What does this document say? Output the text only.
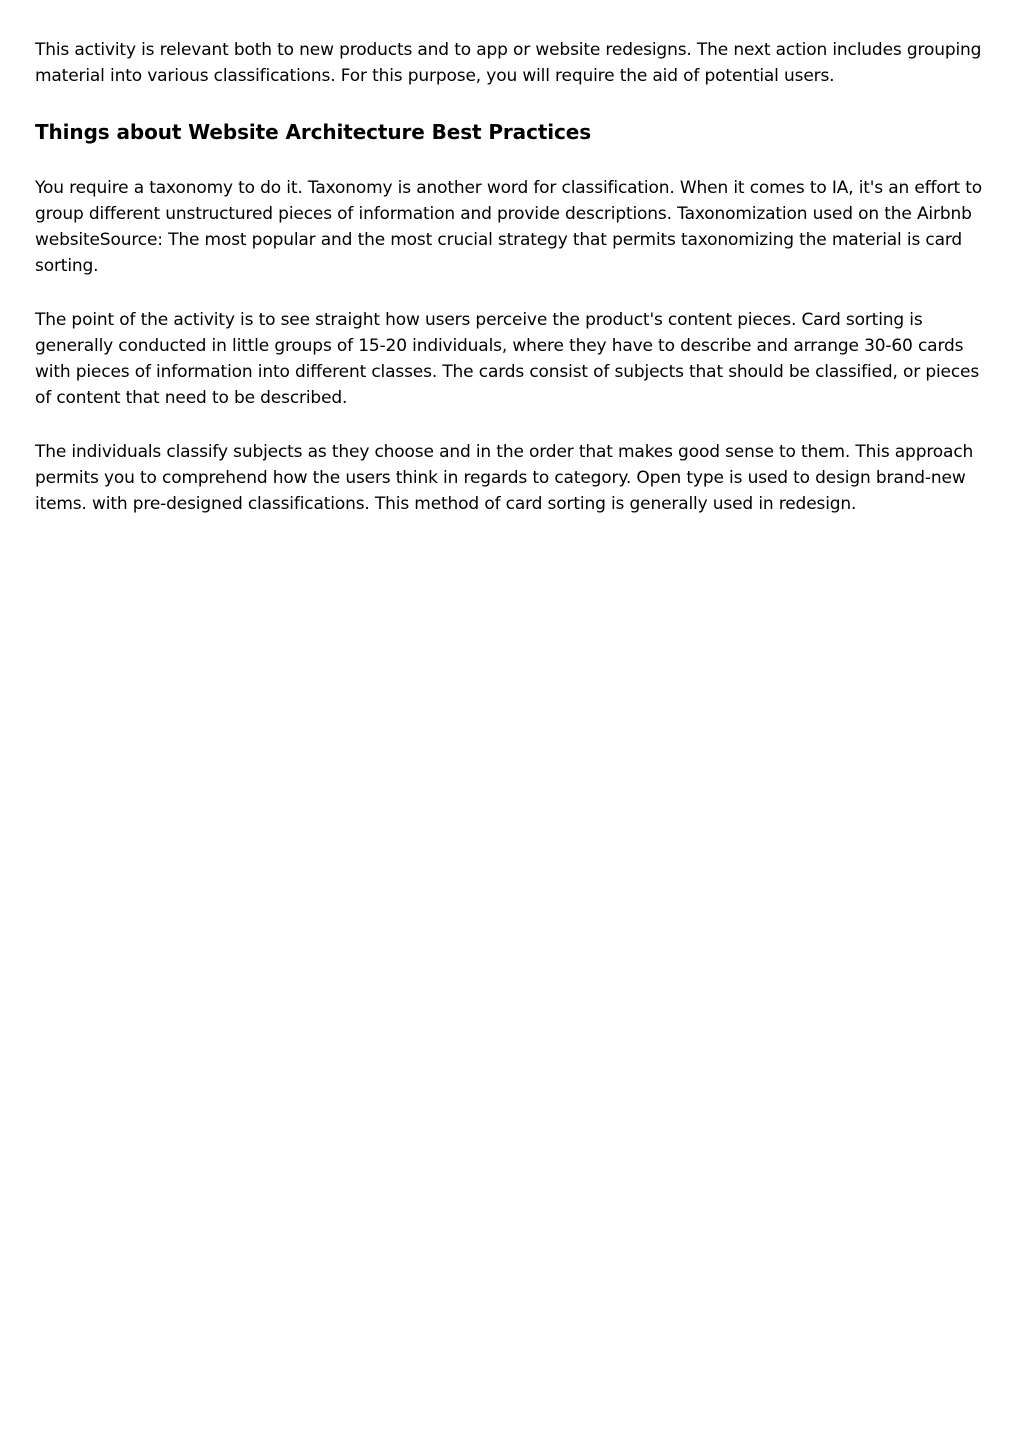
This activity is relevant both to new products and to app or website redesigns. The next action includes grouping material into various classifications. For this purpose, you will require the aid of potential users.

Things about Website Architecture Best Practices

You require a taxonomy to do it. Taxonomy is another word for classification. When it comes to IA, it's an effort to group different unstructured pieces of information and provide descriptions. Taxonomization used on the Airbnb websiteSource: The most popular and the most crucial strategy that permits taxonomizing the material is card sorting.

The point of the activity is to see straight how users perceive the product's content pieces. Card sorting is generally conducted in little groups of 15-20 individuals, where they have to describe and arrange 30-60 cards with pieces of information into different classes. The cards consist of subjects that should be classified, or pieces of content that need to be described.

The individuals classify subjects as they choose and in the order that makes good sense to them. This approach permits you to comprehend how the users think in regards to category. Open type is used to design brand-new items. with pre-designed classifications. This method of card sorting is generally used in redesign.
